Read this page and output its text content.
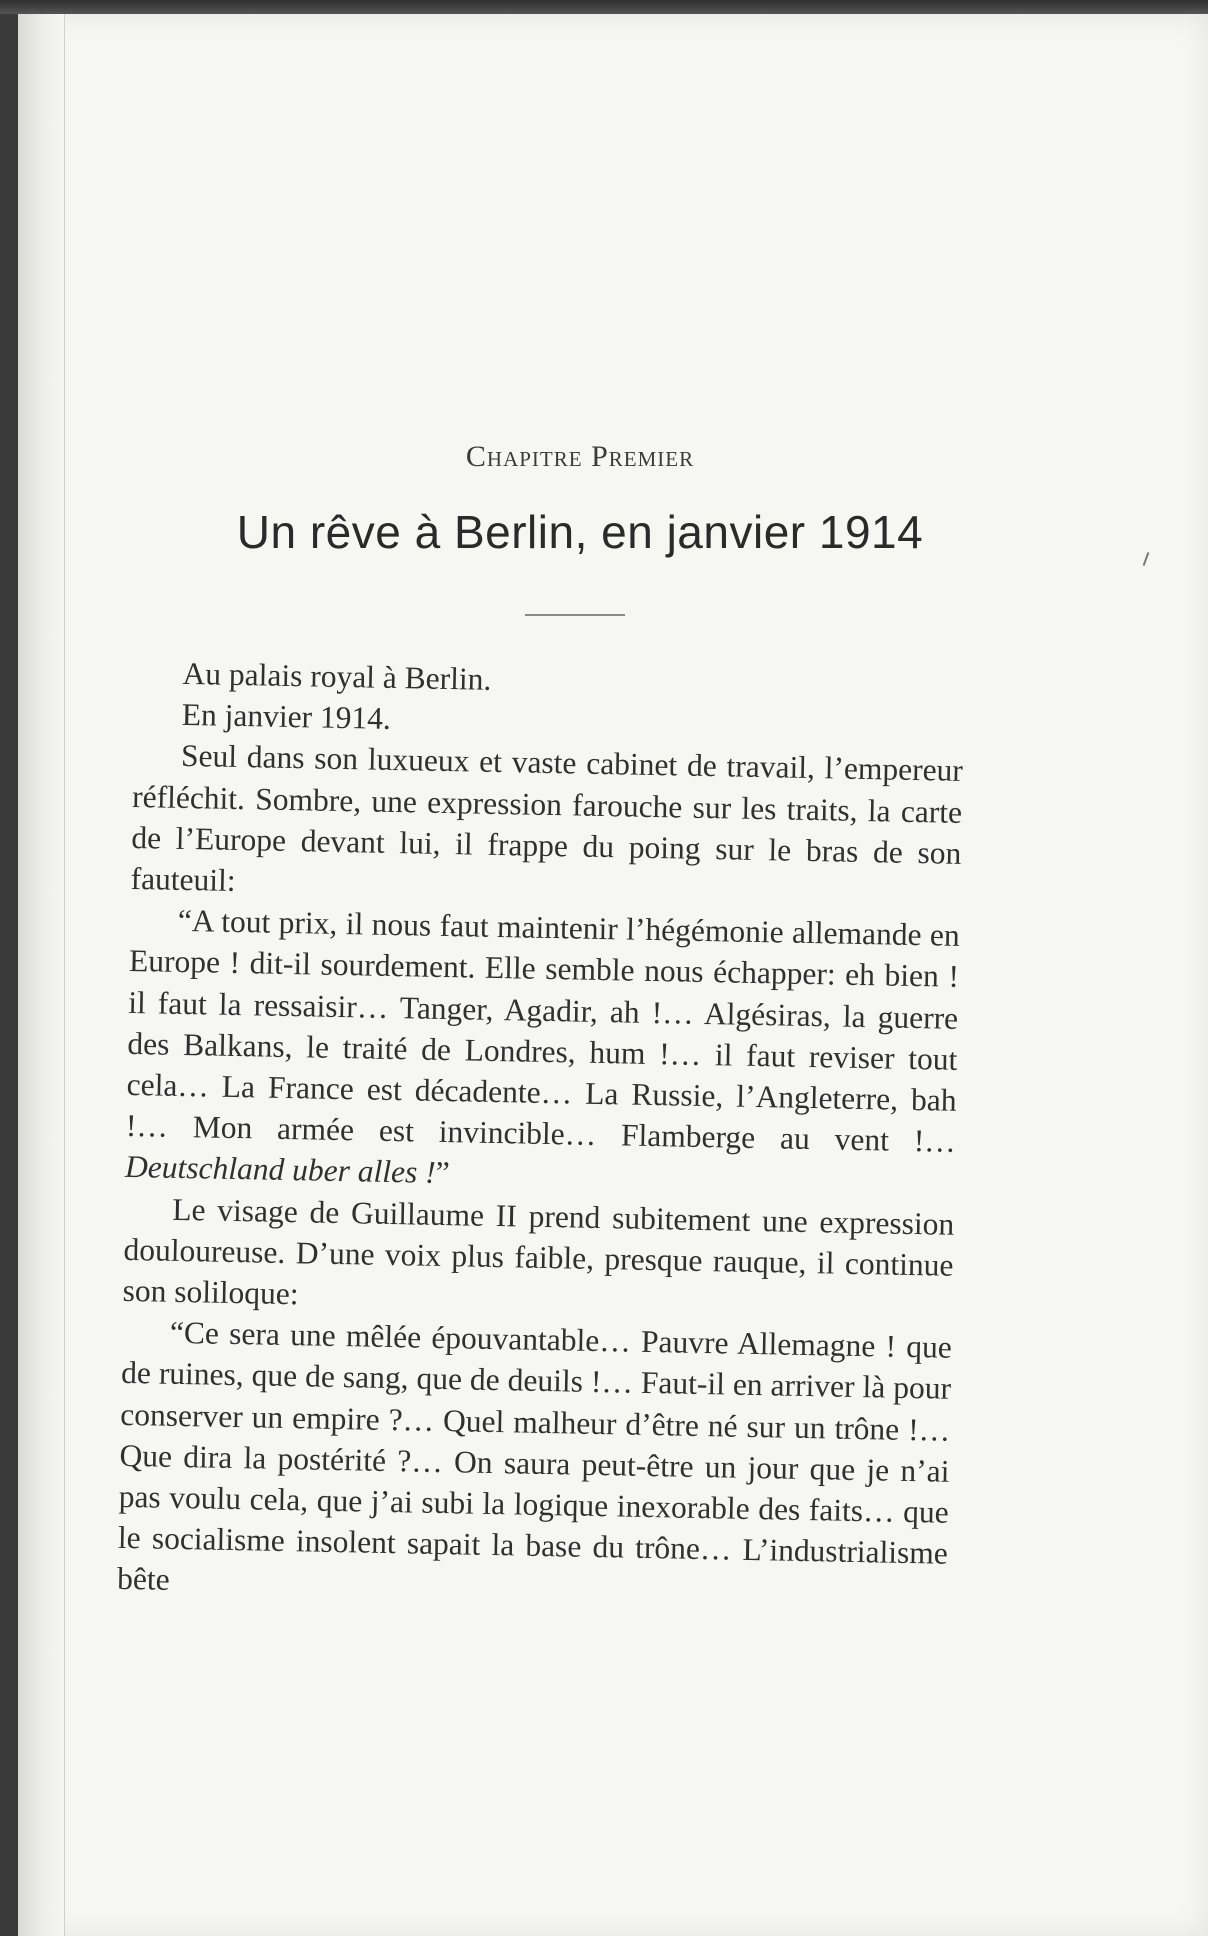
Chapitre Premier
Un rêve à Berlin, en janvier 1914

Au palais royal à Berlin.

En janvier 1914.

Seul dans son luxueux et vaste cabinet de travail, l’empereur réfléchit. Sombre, une expression farouche sur les traits, la carte de l’Europe devant lui, il frappe du poing sur le bras de son fauteuil:

“A tout prix, il nous faut maintenir l’hégémonie allemande en Europe ! dit-il sourdement. Elle semble nous échapper: eh bien ! il faut la ressaisir… Tanger, Agadir, ah !… Algésiras, la guerre des Balkans, le traité de Londres, hum !… il faut reviser tout cela… La France est décadente… La Russie, l’Angleterre, bah !… Mon armée est invincible… Flamberge au vent !… Deutschland uber alles !”

Le visage de Guillaume II prend subitement une expression douloureuse. D’une voix plus faible, presque rauque, il continue son soliloque:

“Ce sera une mêlée épouvantable… Pauvre Allemagne ! que de ruines, que de sang, que de deuils !… Faut-il en arriver là pour conserver un empire ?… Quel malheur d’être né sur un trône !… Que dira la postérité ?… On saura peut-être un jour que je n’ai pas voulu cela, que j’ai subi la logique inexorable des faits… que le socialisme insolent sapait la base du trône… L’industrialisme bête
